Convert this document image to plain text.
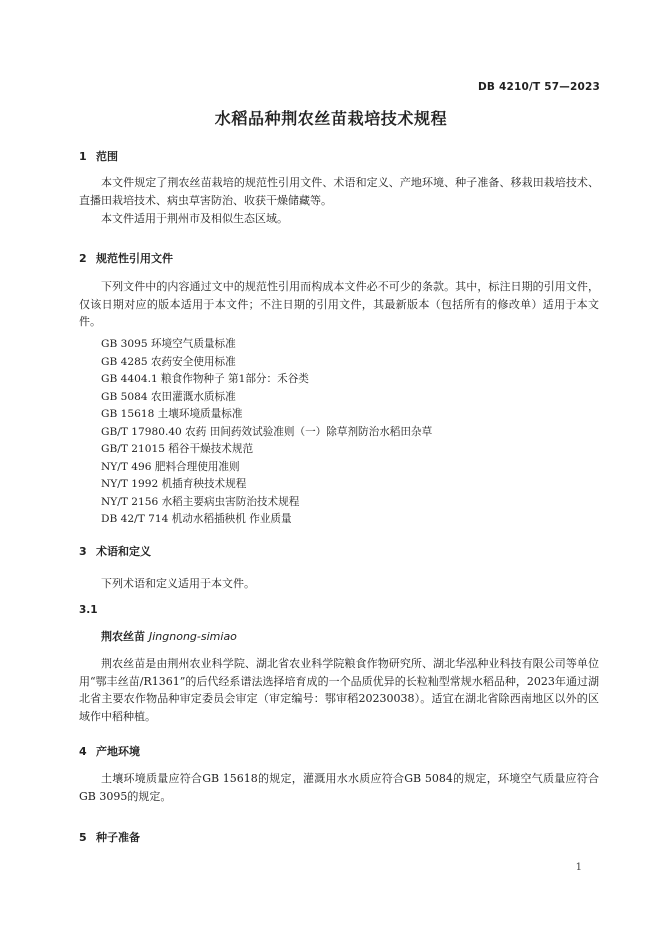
DB 4210/T 57—2023
水稻品种荆农丝苗栽培技术规程
1 范围

本文件规定了荆农丝苗栽培的规范性引用文件、术语和定义、产地环境、种子准备、移栽田栽培技术、直播田栽培技术、病虫草害防治、收获干燥储藏等。

本文件适用于荆州市及相似生态区域。

2 规范性引用文件

下列文件中的内容通过文中的规范性引用而构成本文件必不可少的条款。其中，标注日期的引用文件，仅该日期对应的版本适用于本文件；不注日期的引用文件，其最新版本（包括所有的修改单）适用于本文件。

GB 3095 环境空气质量标准
GB 4285 农药安全使用标准
GB 4404.1 粮食作物种子 第1部分：禾谷类
GB 5084 农田灌溉水质标准
GB 15618 土壤环境质量标准
GB/T 17980.40 农药 田间药效试验准则（一）除草剂防治水稻田杂草
GB/T 21015 稻谷干燥技术规范
NY/T 496 肥料合理使用准则
NY/T 1992 机插育秧技术规程
NY/T 2156 水稻主要病虫害防治技术规程
DB 42/T 714 机动水稻插秧机 作业质量
3 术语和定义

下列术语和定义适用于本文件。

3.1
荆农丝苗 Jingnong-simiao

荆农丝苗是由荆州农业科学院、湖北省农业科学院粮食作物研究所、湖北华泓种业科技有限公司等单位用“鄂丰丝苗/R1361”的后代经系谱法选择培育成的一个品质优异的长粒籼型常规水稻品种，2023年通过湖北省主要农作物品种审定委员会审定（审定编号：鄂审稻20230038）。适宜在湖北省除西南地区以外的区域作中稻种植。

4 产地环境

土壤环境质量应符合GB 15618的规定，灌溉用水水质应符合GB 5084的规定，环境空气质量应符合GB 3095的规定。

5 种子准备
1
